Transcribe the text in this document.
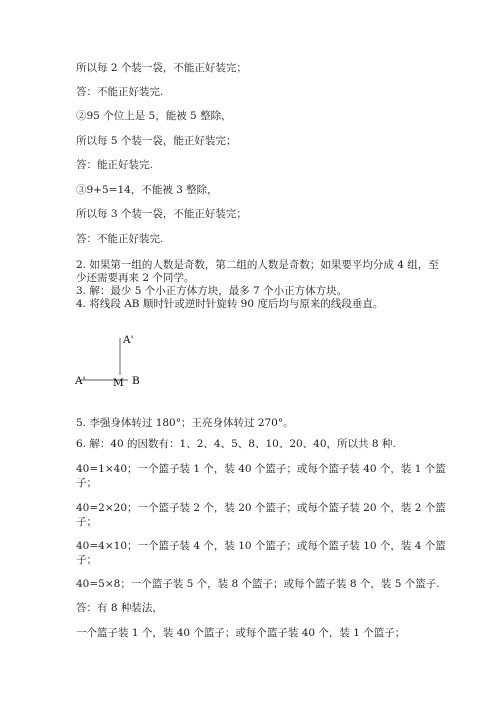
所以每 2 个装一袋，不能正好装完；
答：不能正好装完.
②95 个位上是 5，能被 5 整除，
所以每 5 个装一袋，能正好装完；
答：能正好装完.
③9+5=14，不能被 3 整除，
所以每 3 个装一袋，不能正好装完；
答：不能正好装完.
2. 如果第一组的人数是奇数，第二组的人数是奇数；如果要平均分成 4 组，至
少还需要再来 2 个同学。
3. 解：最少 5 个小正方体方块，最多 7 个小正方体方块。
4. 将线段 AB 顺时针或逆时针旋转 90 度后均与原来的线段垂直。
A'
A'	M B
5. 李强身体转过 180°；王亮身体转过 270°。
6. 解：40 的因数有：1、2、4、5、8、10、20、40，所以共 8 种.
40=1×40；一个篮子装 1 个，装 40 个篮子；或每个篮子装 40 个，装 1 个篮
子；
40=2×20；一个篮子装 2 个，装 20 个篮子；或每个篮子装 20 个，装 2 个篮
子；
40=4×10；一个篮子装 4 个，装 10 个篮子；或每个篮子装 10 个，装 4 个篮
子；
40=5×8；一个篮子装 5 个，装 8 个篮子；或每个篮子装 8 个，装 5 个篮子.
答：有 8 种装法，
一个篮子装 1 个，装 40 个篮子；或每个篮子装 40 个，装 1 个篮子；
